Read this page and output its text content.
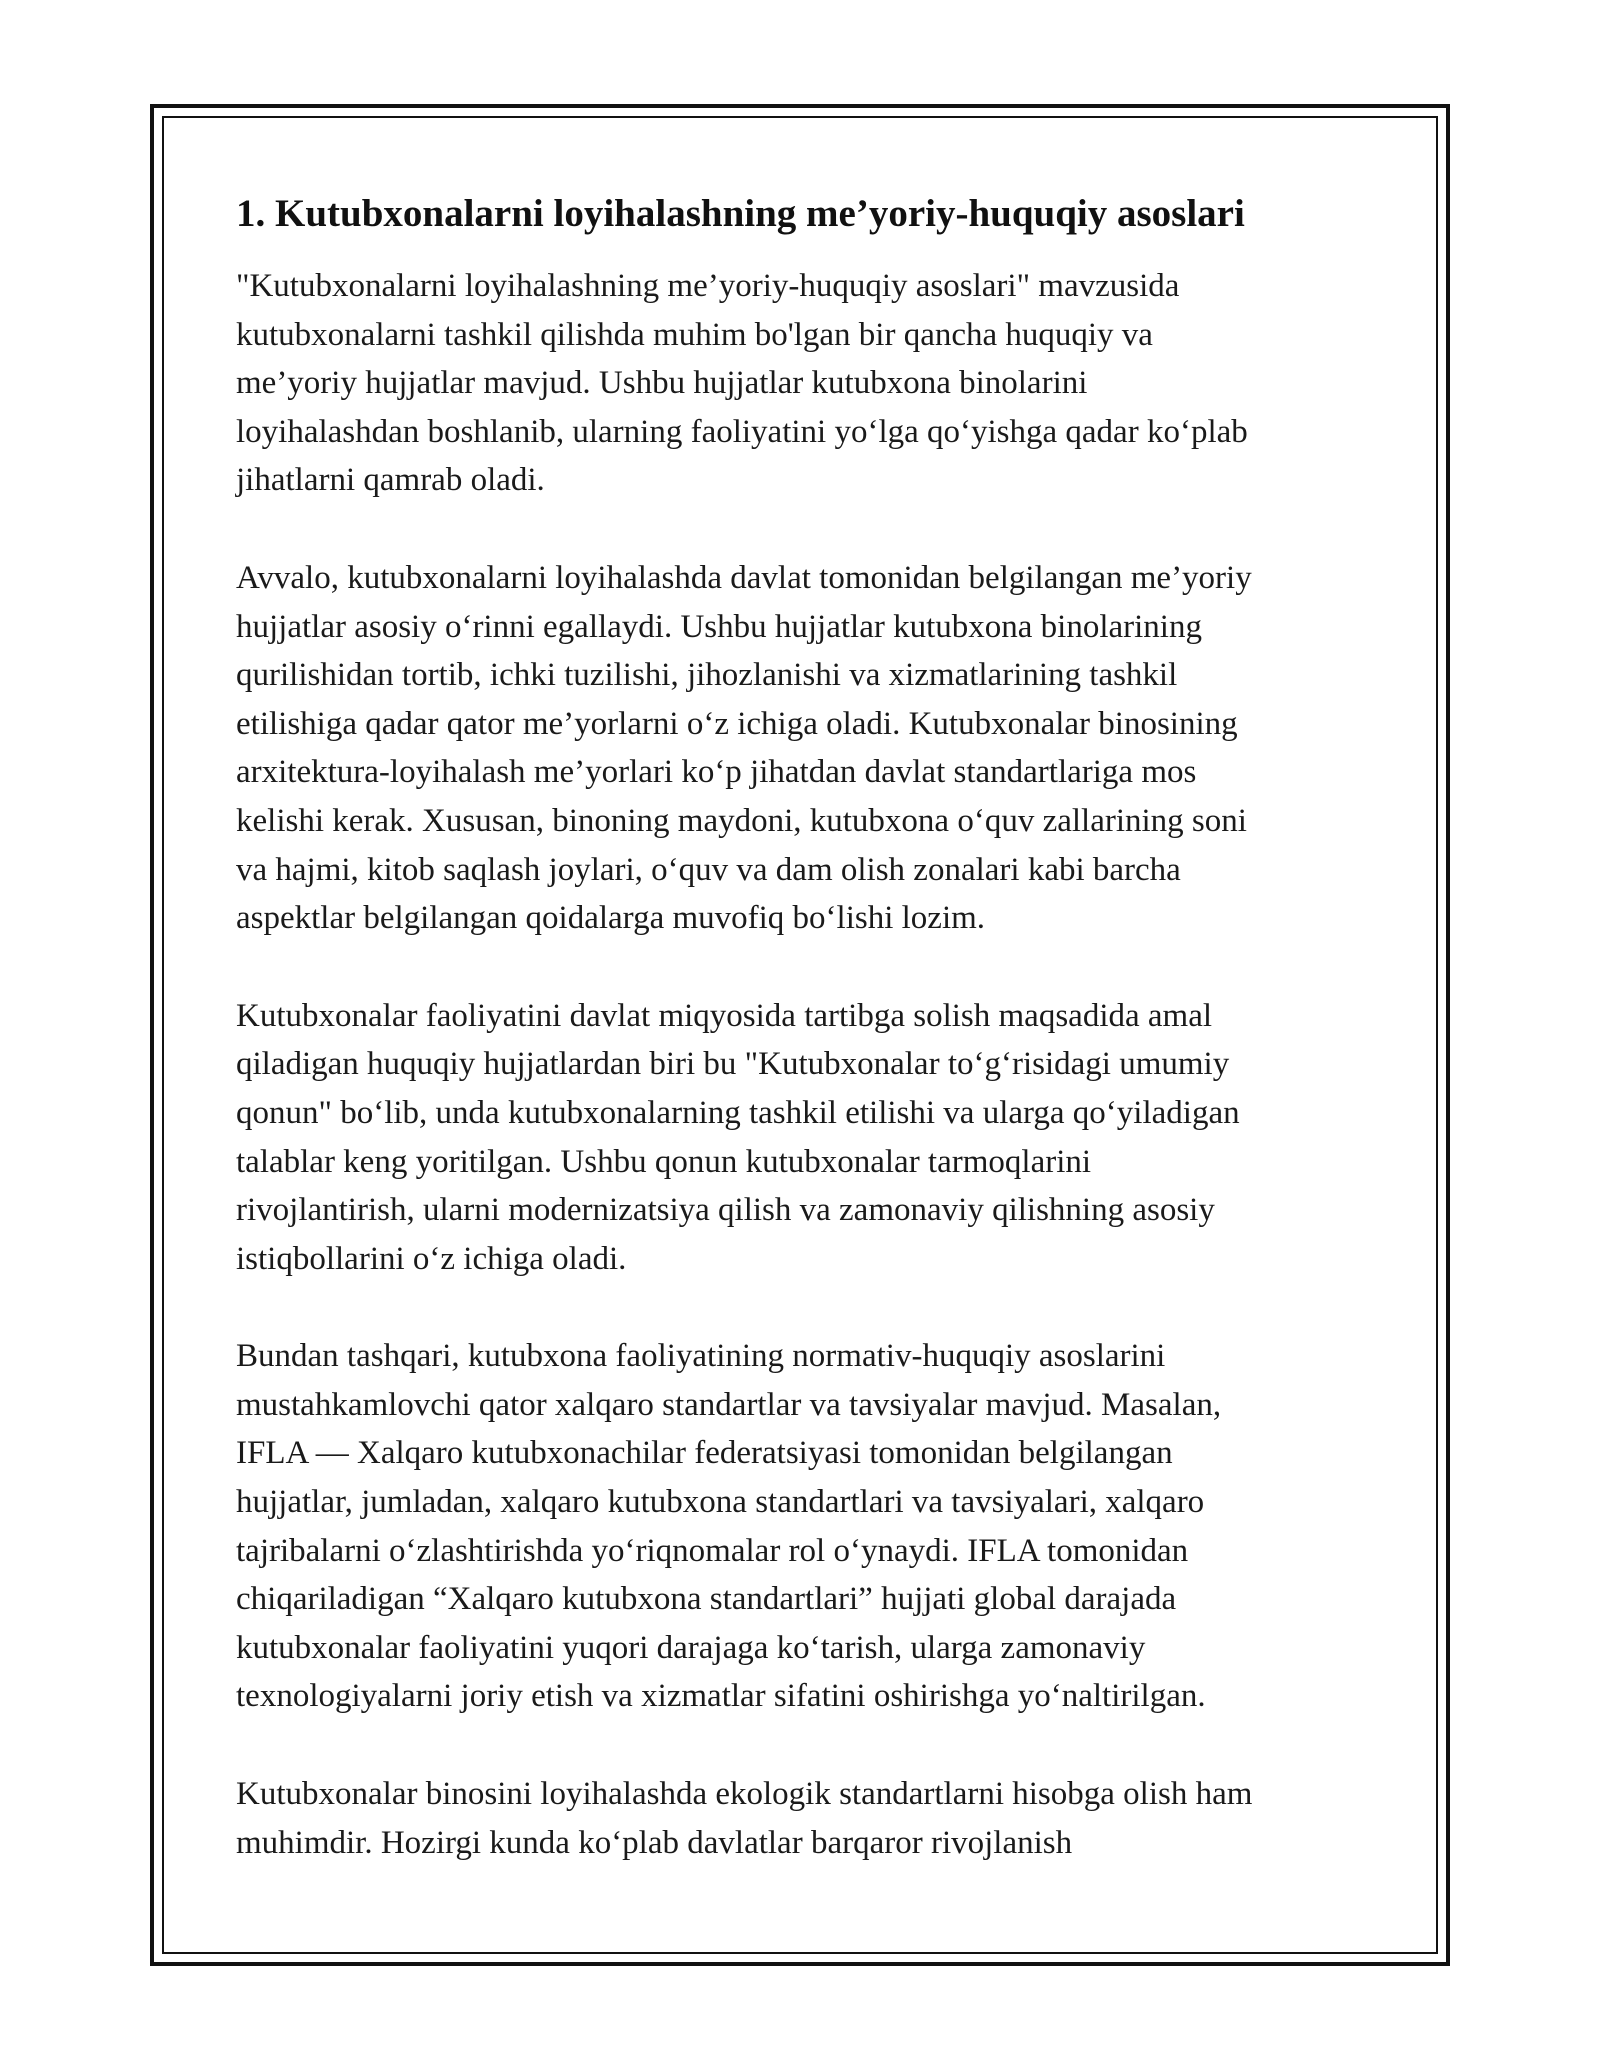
1. Kutubxonalarni loyihalashning me’yoriy-huquqiy asoslari

"Kutubxonalarni loyihalashning me’yoriy-huquqiy asoslari" mavzusida
kutubxonalarni tashkil qilishda muhim bo'lgan bir qancha huquqiy va
me’yoriy hujjatlar mavjud. Ushbu hujjatlar kutubxona binolarini
loyihalashdan boshlanib, ularning faoliyatini yo‘lga qo‘yishga qadar ko‘plab
jihatlarni qamrab oladi.

Avvalo, kutubxonalarni loyihalashda davlat tomonidan belgilangan me’yoriy
hujjatlar asosiy o‘rinni egallaydi. Ushbu hujjatlar kutubxona binolarining
qurilishidan tortib, ichki tuzilishi, jihozlanishi va xizmatlarining tashkil
etilishiga qadar qator me’yorlarni o‘z ichiga oladi. Kutubxonalar binosining
arxitektura-loyihalash me’yorlari ko‘p jihatdan davlat standartlariga mos
kelishi kerak. Xususan, binoning maydoni, kutubxona o‘quv zallarining soni
va hajmi, kitob saqlash joylari, o‘quv va dam olish zonalari kabi barcha
aspektlar belgilangan qoidalarga muvofiq bo‘lishi lozim.

Kutubxonalar faoliyatini davlat miqyosida tartibga solish maqsadida amal
qiladigan huquqiy hujjatlardan biri bu "Kutubxonalar to‘g‘risidagi umumiy
qonun" bo‘lib, unda kutubxonalarning tashkil etilishi va ularga qo‘yiladigan
talablar keng yoritilgan. Ushbu qonun kutubxonalar tarmoqlarini
rivojlantirish, ularni modernizatsiya qilish va zamonaviy qilishning asosiy
istiqbollarini o‘z ichiga oladi.

Bundan tashqari, kutubxona faoliyatining normativ-huquqiy asoslarini
mustahkamlovchi qator xalqaro standartlar va tavsiyalar mavjud. Masalan,
IFLA — Xalqaro kutubxonachilar federatsiyasi tomonidan belgilangan
hujjatlar, jumladan, xalqaro kutubxona standartlari va tavsiyalari, xalqaro
tajribalarni o‘zlashtirishda yo‘riqnomalar rol o‘ynaydi. IFLA tomonidan
chiqariladigan “Xalqaro kutubxona standartlari” hujjati global darajada
kutubxonalar faoliyatini yuqori darajaga ko‘tarish, ularga zamonaviy
texnologiyalarni joriy etish va xizmatlar sifatini oshirishga yo‘naltirilgan.

Kutubxonalar binosini loyihalashda ekologik standartlarni hisobga olish ham
muhimdir. Hozirgi kunda ko‘plab davlatlar barqaror rivojlanish
